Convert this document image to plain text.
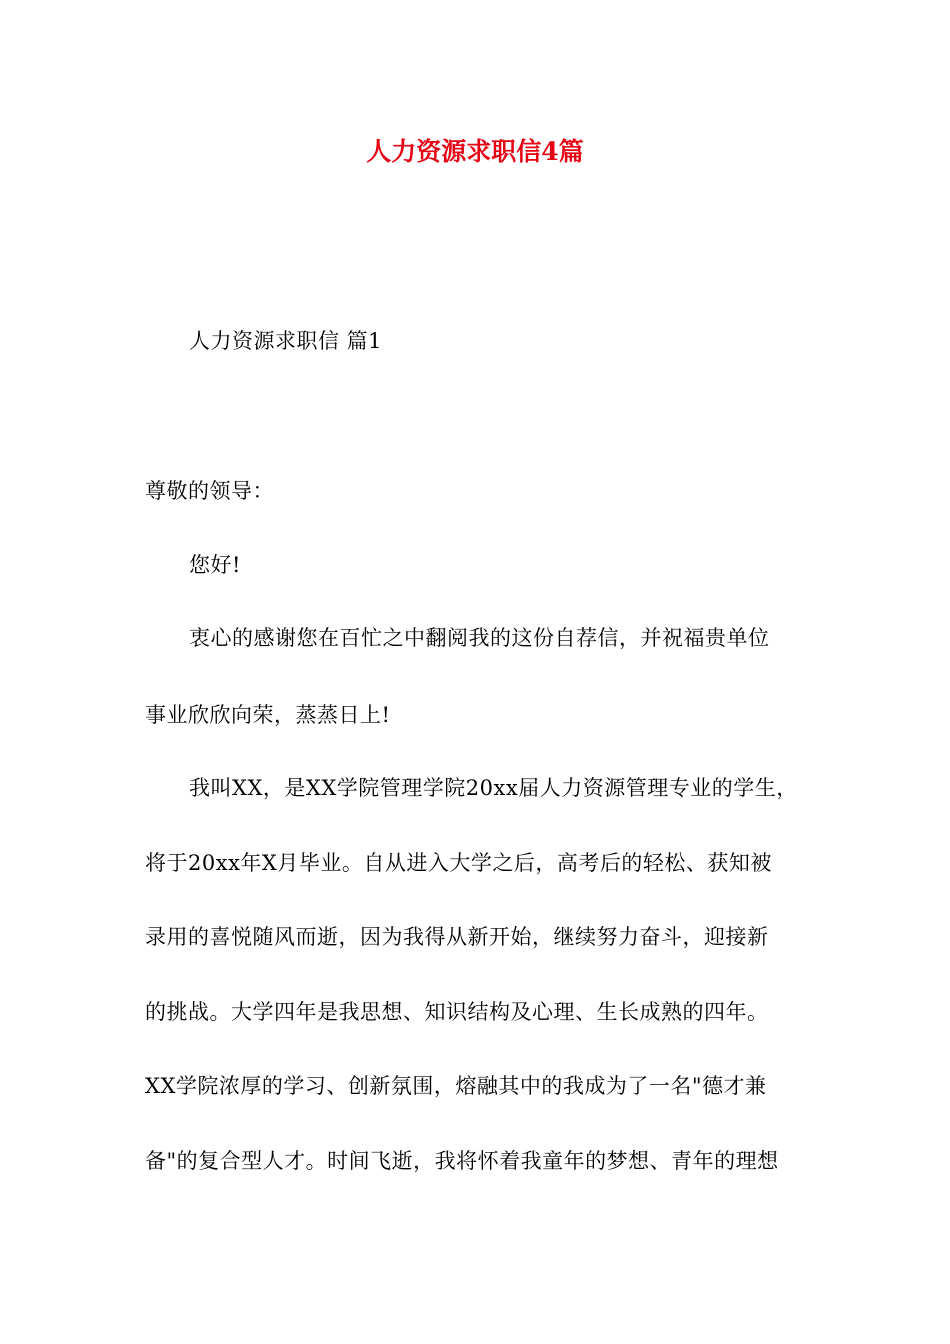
人力资源求职信4篇
人力资源求职信 篇1
尊敬的领导：
您好!
衷心的感谢您在百忙之中翻阅我的这份自荐信，并祝福贵单位
事业欣欣向荣，蒸蒸日上!
我叫XX，是XX学院管理学院20xx届人力资源管理专业的学生，
将于20xx年X月毕业。自从进入大学之后，高考后的轻松、获知被
录用的喜悦随风而逝，因为我得从新开始，继续努力奋斗，迎接新
的挑战。大学四年是我思想、知识结构及心理、生长成熟的四年。
XX学院浓厚的学习、创新氛围，熔融其中的我成为了一名"德才兼
备"的复合型人才。时间飞逝，我将怀着我童年的梦想、青年的理想
